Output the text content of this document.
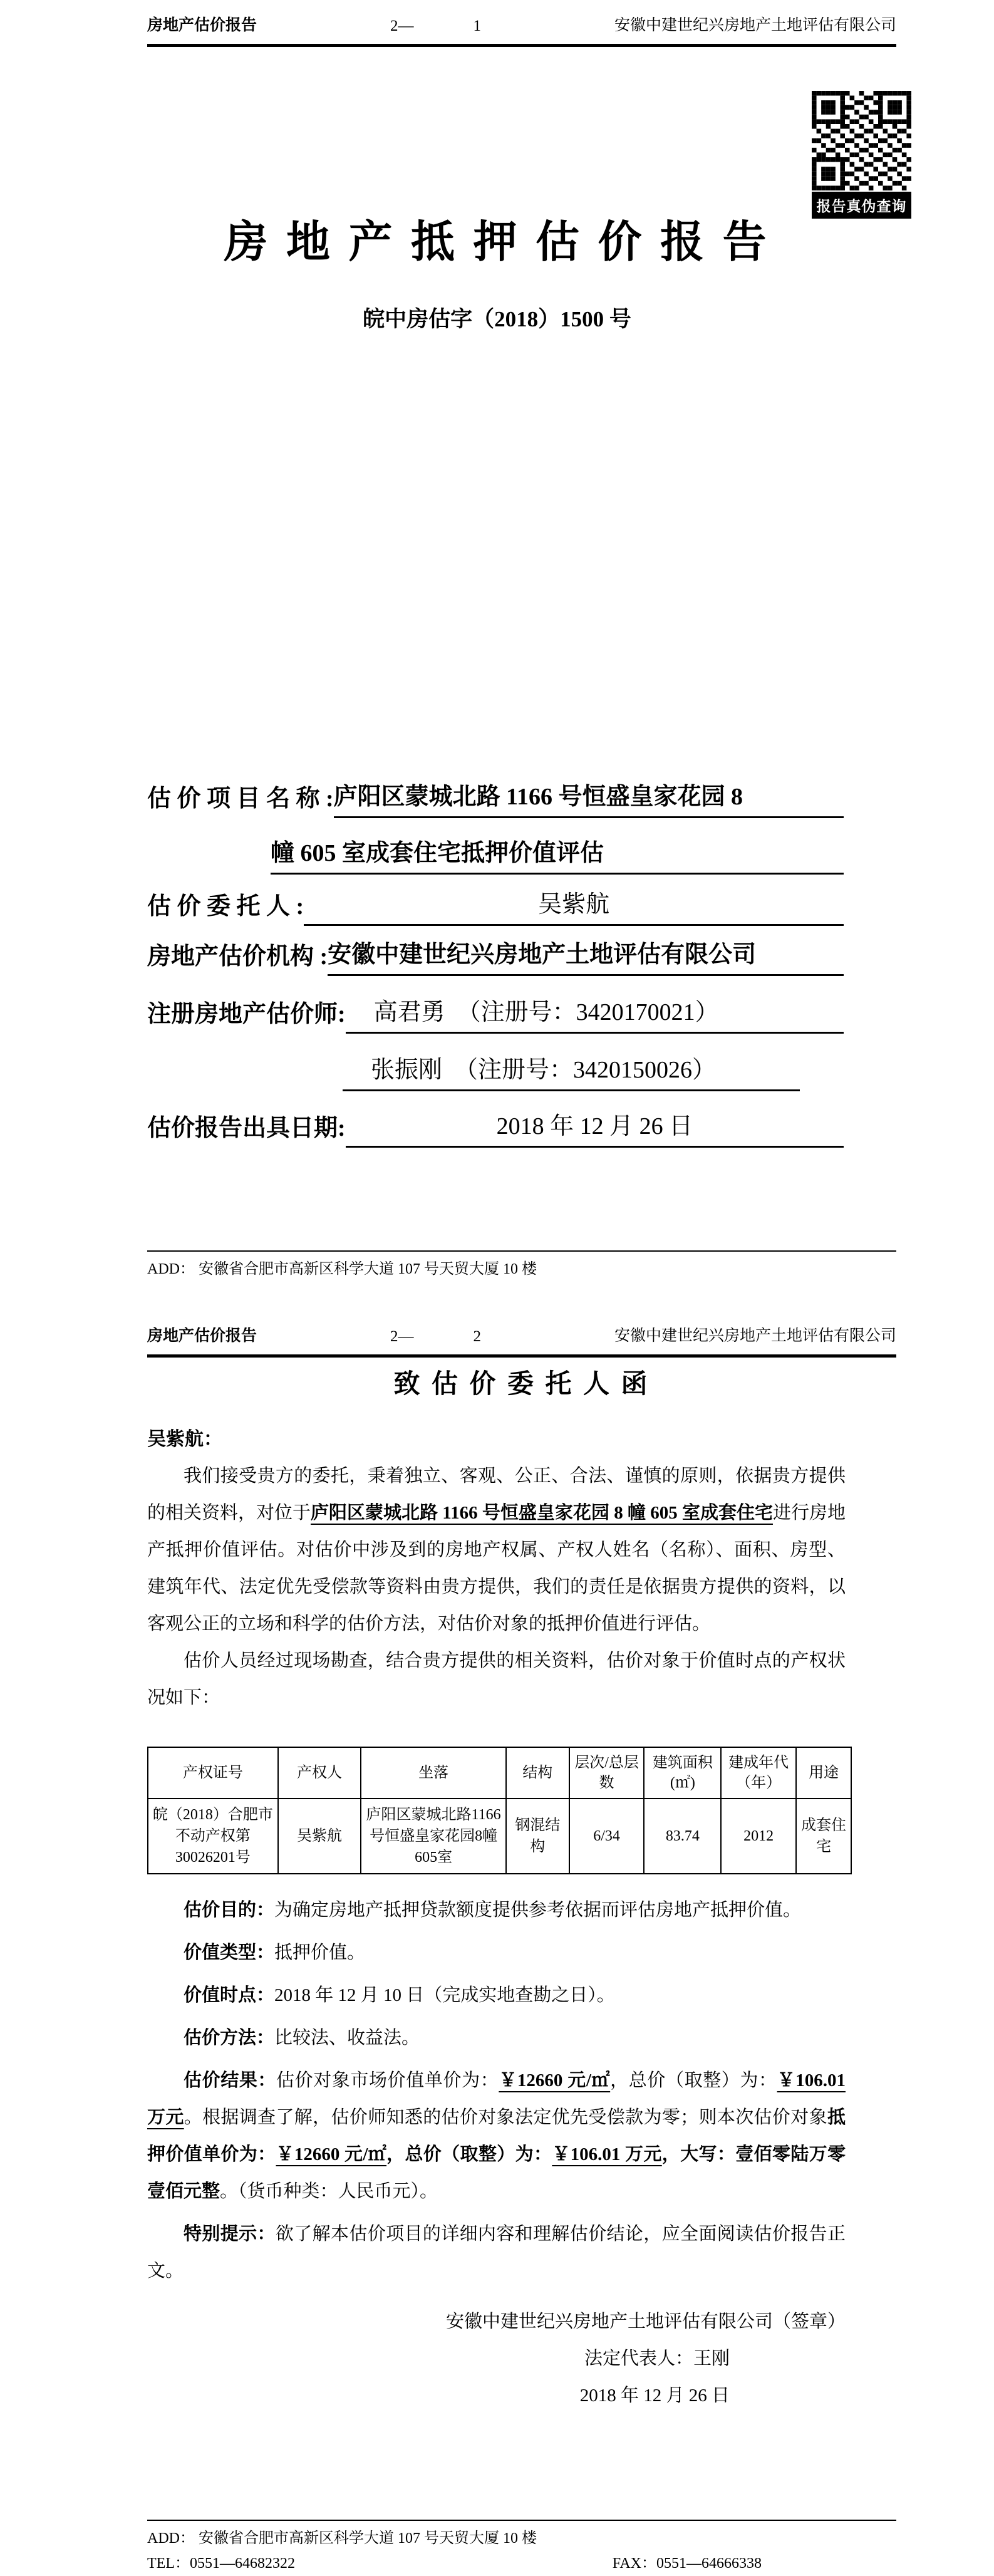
房地产估价报告	2—	1	安徽中建世纪兴房地产土地评估有限公司
报告真伪查询
房 地 产 抵 押 估 价 报 告
皖中房估字（2018）1500 号
估 价 项 目 名 称 : 庐阳区蒙城北路 1166 号恒盛皇家花园 8
幢 605 室成套住宅抵押价值评估
估 价 委 托 人 :	吴紫航
房地产估价机构 : 安徽中建世纪兴房地产土地评估有限公司
注册房地产估价师:	高君勇　（注册号：3420170021）
张振刚　（注册号：3420150026）
估价报告出具日期:	2018 年 12 月 26 日
ADD： 安徽省合肥市高新区科学大道 107 号天贸大厦 10 楼
房地产估价报告	2—	2	安徽中建世纪兴房地产土地评估有限公司
致 估 价 委 托 人 函
吴紫航：

我们接受贵方的委托，秉着独立、客观、公正、合法、谨慎的原则，依据贵方提供的相关资料，对位于庐阳区蒙城北路 1166 号恒盛皇家花园 8 幢 605 室成套住宅进行房地产抵押价值评估。对估价中涉及到的房地产权属、产权人姓名（名称）、面积、房型、建筑年代、法定优先受偿款等资料由贵方提供，我们的责任是依据贵方提供的资料，以客观公正的立场和科学的估价方法，对估价对象的抵押价值进行评估。

估价人员经过现场勘查，结合贵方提供的相关资料，估价对象于价值时点的产权状况如下：

产权证号	产权人	坐落	结构	层次/总层数	建筑面积(㎡)	建成年代（年）	用途
皖（2018）合肥市不动产权第30026201号	吴紫航	庐阳区蒙城北路1166号恒盛皇家花园8幢605室	钢混结构	6/34	83.74	2012	成套住宅

估价目的：为确定房地产抵押贷款额度提供参考依据而评估房地产抵押价值。

价值类型：抵押价值。

价值时点：2018 年 12 月 10 日（完成实地查勘之日）。

估价方法：比较法、收益法。

估价结果：估价对象市场价值单价为：￥12660 元/㎡，总价（取整）为：￥106.01 万元。根据调查了解，估价师知悉的估价对象法定优先受偿款为零；则本次估价对象抵押价值单价为：￥12660 元/㎡，总价（取整）为：￥106.01 万元，大写：壹佰零陆万零壹佰元整。（货币种类：人民币元）。

特别提示：欲了解本估价项目的详细内容和理解估价结论，应全面阅读估价报告正文。

安徽中建世纪兴房地产土地评估有限公司（签章）
法定代表人：王刚
2018 年 12 月 26 日
ADD： 安徽省合肥市高新区科学大道 107 号天贸大厦 10 楼
TEL：0551—64682322	FAX：0551—64666338
